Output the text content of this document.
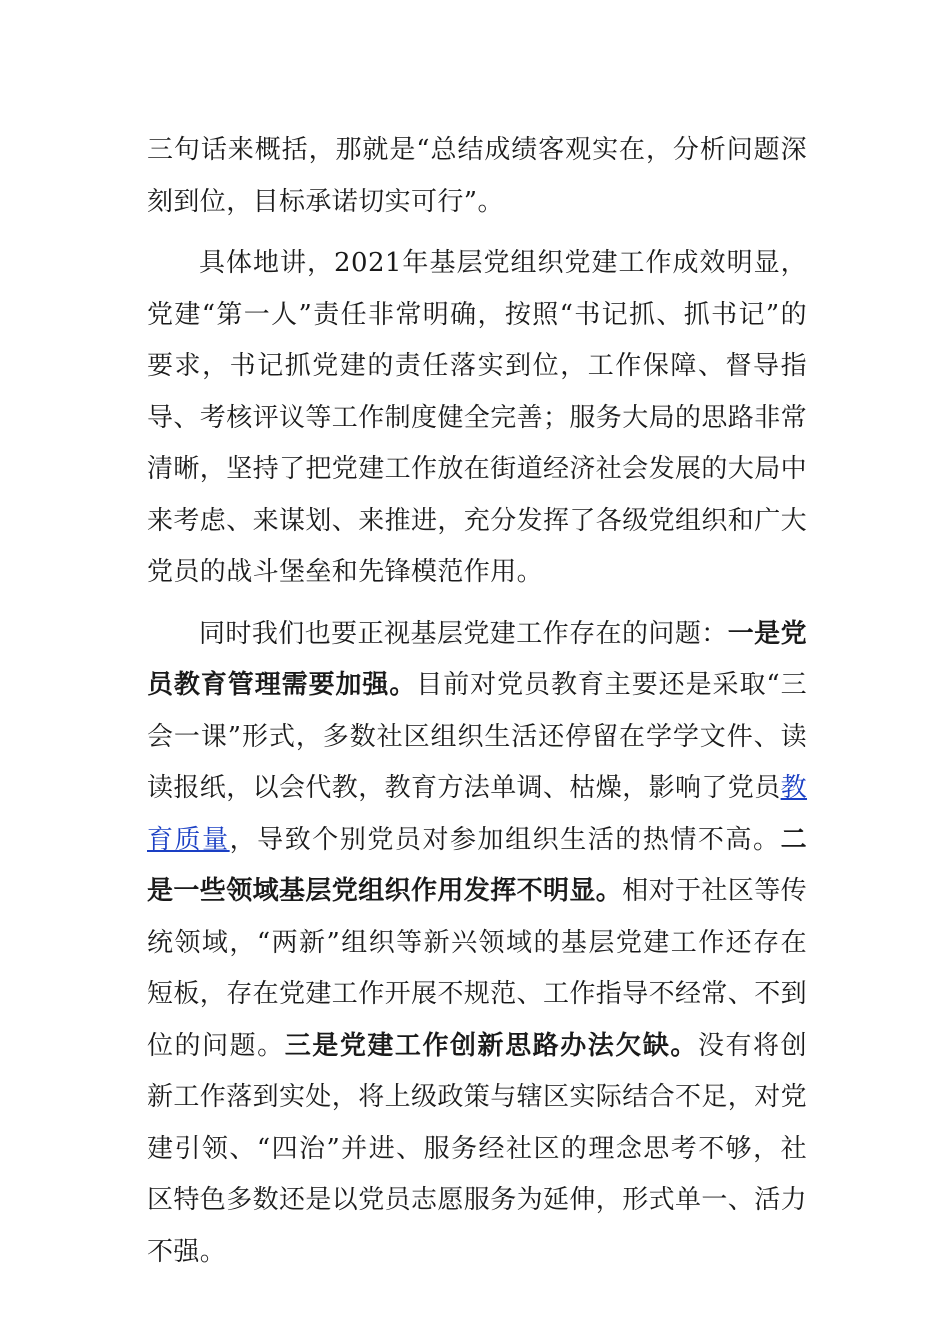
三句话来概括，那就是“总结成绩客观实在，分析问题深刻到位，目标承诺切实可行”。

具体地讲，2021年基层党组织党建工作成效明显，党建“第一人”责任非常明确，按照“书记抓、抓书记”的要求，书记抓党建的责任落实到位，工作保障、督导指导、考核评议等工作制度健全完善；服务大局的思路非常清晰，坚持了把党建工作放在街道经济社会发展的大局中来考虑、来谋划、来推进，充分发挥了各级党组织和广大党员的战斗堡垒和先锋模范作用。

同时我们也要正视基层党建工作存在的问题：一是党员教育管理需要加强。目前对党员教育主要还是采取“三会一课”形式，多数社区组织生活还停留在学学文件、读读报纸，以会代教，教育方法单调、枯燥，影响了党员教育质量，导致个别党员对参加组织生活的热情不高。二是一些领域基层党组织作用发挥不明显。相对于社区等传统领域，“两新”组织等新兴领域的基层党建工作还存在短板，存在党建工作开展不规范、工作指导不经常、不到位的问题。三是党建工作创新思路办法欠缺。没有将创新工作落到实处，将上级政策与辖区实际结合不足，对党建引领、“四治”并进、服务经社区的理念思考不够，社区特色多数还是以党员志愿服务为延伸，形式单一、活力不强。
